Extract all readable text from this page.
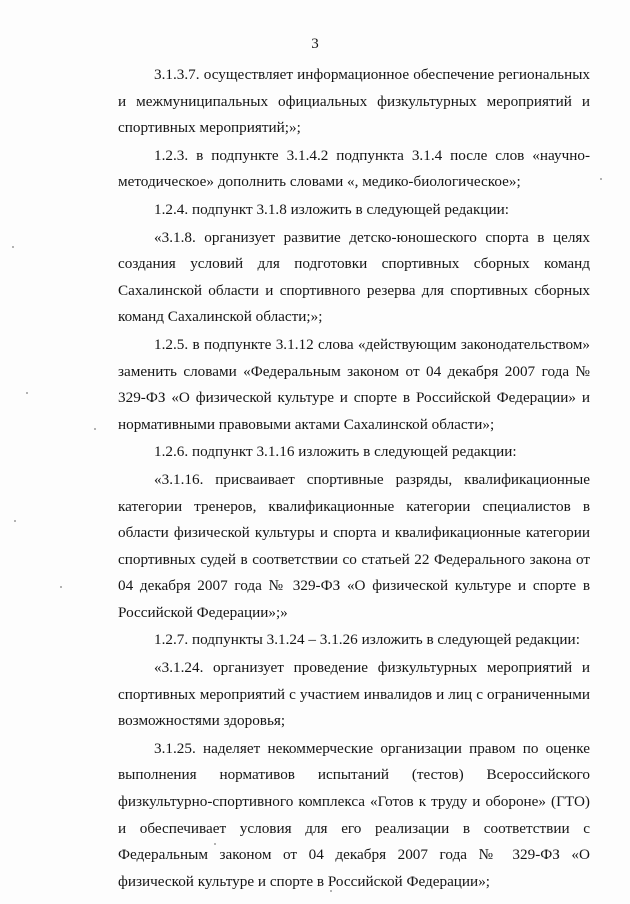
3

3.1.3.7. осуществляет информационное обеспечение региональных и межмуниципальных официальных физкультурных мероприятий и спортивных мероприятий;»;

1.2.3. в подпункте 3.1.4.2 подпункта 3.1.4 после слов «научно-методическое» дополнить словами «, медико-биологическое»;

1.2.4. подпункт 3.1.8 изложить в следующей редакции:

«3.1.8. организует развитие детско-юношеского спорта в целях создания условий для подготовки спортивных сборных команд Сахалинской области и спортивного резерва для спортивных сборных команд Сахалинской области;»;

1.2.5. в подпункте 3.1.12 слова «действующим законодательством» заменить словами «Федеральным законом от 04 декабря 2007 года № 329-ФЗ «О физической культуре и спорте в Российской Федерации» и нормативными правовыми актами Сахалинской области»;

1.2.6. подпункт 3.1.16 изложить в следующей редакции:

«3.1.16. присваивает спортивные разряды, квалификационные категории тренеров, квалификационные категории специалистов в области физической культуры и спорта и квалификационные категории спортивных судей в соответствии со статьей 22 Федерального закона от 04 декабря 2007 года № 329-ФЗ «О физической культуре и спорте в Российской Федерации»;»

1.2.7. подпункты 3.1.24 – 3.1.26 изложить в следующей редакции:

«3.1.24. организует проведение физкультурных мероприятий и спортивных мероприятий с участием инвалидов и лиц с ограниченными возможностями здоровья;

3.1.25. наделяет некоммерческие организации правом по оценке выполнения нормативов испытаний (тестов) Всероссийского физкультурно-спортивного комплекса «Готов к труду и обороне» (ГТО) и обеспечивает условия для его реализации в соответствии с Федеральным законом от 04 декабря 2007 года № 329-ФЗ «О физической культуре и спорте в Российской Федерации»;
